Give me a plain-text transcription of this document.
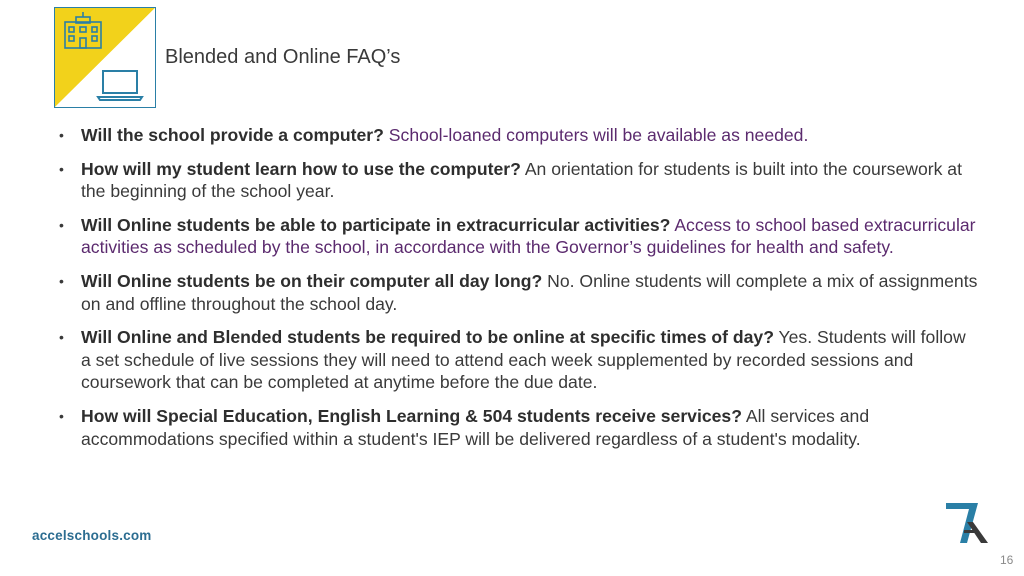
Blended and Online FAQ’s
• Will the school provide a computer? School-loaned computers will be available as needed.
• How will my student learn how to use the computer? An orientation for students is built into the coursework at the beginning of the school year.
• Will Online students be able to participate in extracurricular activities? Access to school based extracurricular activities as scheduled by the school, in accordance with the Governor’s guidelines for health and safety.
• Will Online students be on their computer all day long? No. Online students will complete a mix of assignments on and offline throughout the school day.
• Will Online and Blended students be required to be online at specific times of day? Yes. Students will follow a set schedule of live sessions they will need to attend each week supplemented by recorded sessions and coursework that can be completed at anytime before the due date.
• How will Special Education, English Learning & 504 students receive services? All services and accommodations specified within a student's IEP will be delivered regardless of a student's modality.
accelschools.com
16
